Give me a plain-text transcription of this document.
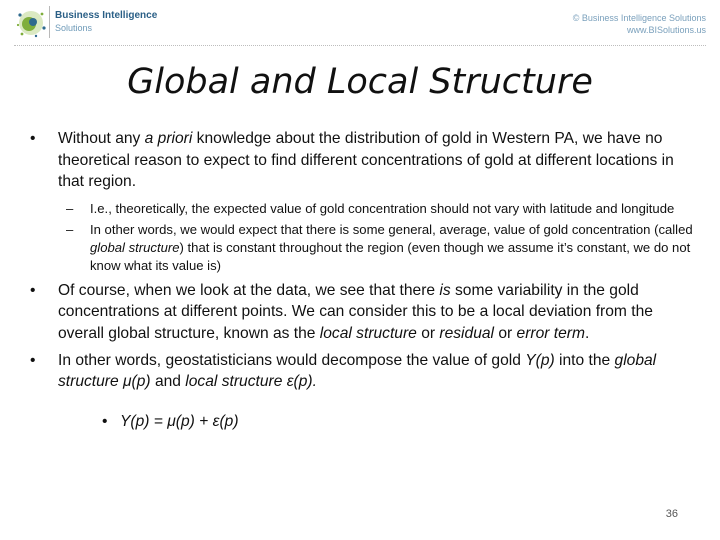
Business Intelligence
Solutions
© Business Intelligence Solutions
www.BISolutions.us
Global and Local Structure

• Without any a priori knowledge about the distribution of gold in Western PA, we have no theoretical reason to expect to find different concentrations of gold at different locations in that region.

– I.e., theoretically, the expected value of gold concentration should not vary with latitude and longitude

– In other words, we would expect that there is some general, average, value of gold concentration (called global structure) that is constant throughout the region (even though we assume it’s constant, we do not know what its value is)

• Of course, when we look at the data, we see that there is some variability in the gold concentrations at different points. We can consider this to be a local deviation from the overall global structure, known as the local structure or residual or error term.

• In other words, geostatisticians would decompose the value of gold Y(p) into the global structure μ(p) and local structure ε(p).

• Y(p) = μ(p) + ε(p)

36
